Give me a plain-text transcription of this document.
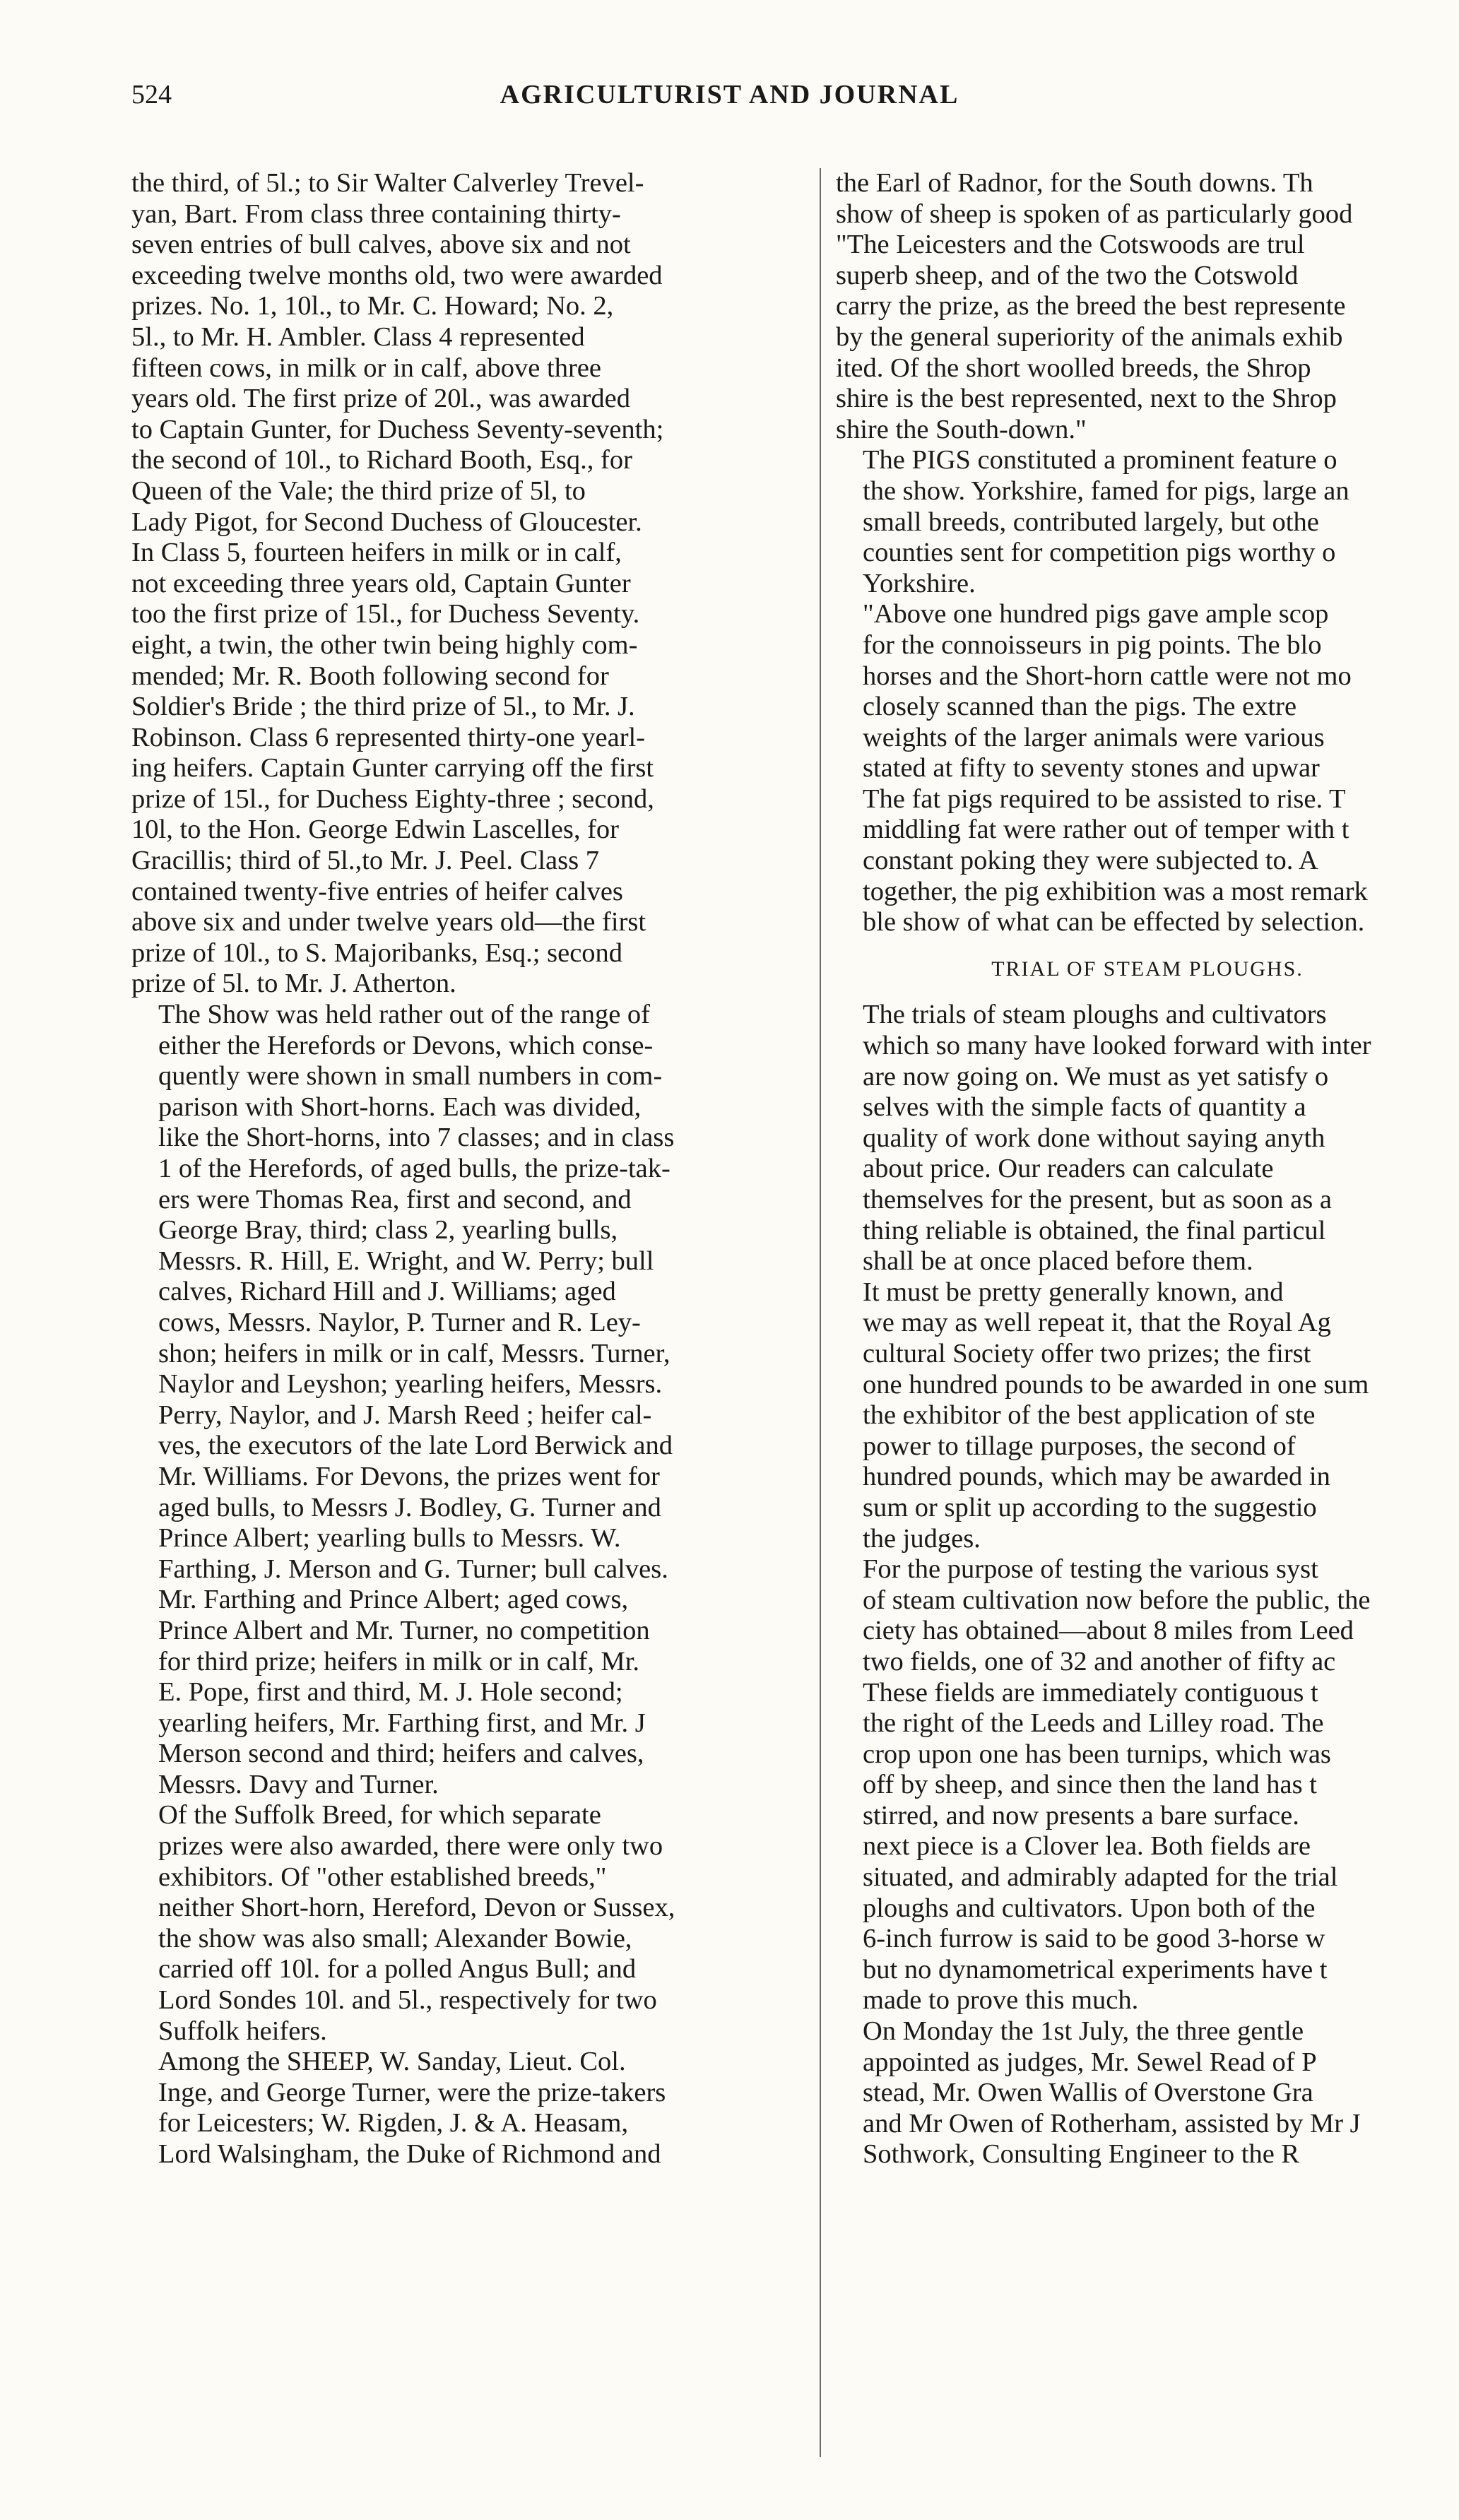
524	AGRICULTURIST AND JOURNAL
the third, of 5l.; to Sir Walter Calverley Trevel-
yan, Bart. From class three containing thirty-
seven entries of bull calves, above six and not
exceeding twelve months old, two were awarded
prizes. No. 1, 10l., to Mr. C. Howard; No. 2,
5l., to Mr. H. Ambler. Class 4 represented
fifteen cows, in milk or in calf, above three
years old. The first prize of 20l., was awarded
to Captain Gunter, for Duchess Seventy-seventh;
the second of 10l., to Richard Booth, Esq., for
Queen of the Vale; the third prize of 5l, to
Lady Pigot, for Second Duchess of Gloucester.
In Class 5, fourteen heifers in milk or in calf,
not exceeding three years old, Captain Gunter
too the first prize of 15l., for Duchess Seventy.
eight, a twin, the other twin being highly com-
mended; Mr. R. Booth following second for
Soldier's Bride ; the third prize of 5l., to Mr. J.
Robinson. Class 6 represented thirty-one yearl-
ing heifers. Captain Gunter carrying off the first
prize of 15l., for Duchess Eighty-three ; second,
10l, to the Hon. George Edwin Lascelles, for
Gracillis; third of 5l.,to Mr. J. Peel. Class 7
contained twenty-five entries of heifer calves
above six and under twelve years old—the first
prize of 10l., to S. Majoribanks, Esq.; second
prize of 5l. to Mr. J. Atherton.
The Show was held rather out of the range of
either the Herefords or Devons, which conse-
quently were shown in small numbers in com-
parison with Short-horns. Each was divided,
like the Short-horns, into 7 classes; and in class
1 of the Herefords, of aged bulls, the prize-tak-
ers were Thomas Rea, first and second, and
George Bray, third; class 2, yearling bulls,
Messrs. R. Hill, E. Wright, and W. Perry; bull
calves, Richard Hill and J. Williams; aged
cows, Messrs. Naylor, P. Turner and R. Ley-
shon; heifers in milk or in calf, Messrs. Turner,
Naylor and Leyshon; yearling heifers, Messrs.
Perry, Naylor, and J. Marsh Reed ; heifer cal-
ves, the executors of the late Lord Berwick and
Mr. Williams. For Devons, the prizes went for
aged bulls, to Messrs J. Bodley, G. Turner and
Prince Albert; yearling bulls to Messrs. W.
Farthing, J. Merson and G. Turner; bull calves.
Mr. Farthing and Prince Albert; aged cows,
Prince Albert and Mr. Turner, no competition
for third prize; heifers in milk or in calf, Mr.
E. Pope, first and third, M. J. Hole second;
yearling heifers, Mr. Farthing first, and Mr. J
Merson second and third; heifers and calves,
Messrs. Davy and Turner.
Of the Suffolk Breed, for which separate
prizes were also awarded, there were only two
exhibitors. Of "other established breeds,"
neither Short-horn, Hereford, Devon or Sussex,
the show was also small; Alexander Bowie,
carried off 10l. for a polled Angus Bull; and
Lord Sondes 10l. and 5l., respectively for two
Suffolk heifers.
Among the SHEEP, W. Sanday, Lieut. Col.
Inge, and George Turner, were the prize-takers
for Leicesters; W. Rigden, J. & A. Heasam,
Lord Walsingham, the Duke of Richmond and
the Earl of Radnor, for the South downs. Th
show of sheep is spoken of as particularly good
"The Leicesters and the Cotswoods are trul
superb sheep, and of the two the Cotswold
carry the prize, as the breed the best represente
by the general superiority of the animals exhib
ited. Of the short woolled breeds, the Shrop
shire is the best represented, next to the Shrop
shire the South-down."
The PIGS constituted a prominent feature o
the show. Yorkshire, famed for pigs, large an
small breeds, contributed largely, but othe
counties sent for competition pigs worthy o
Yorkshire.
"Above one hundred pigs gave ample scop
for the connoisseurs in pig points. The blo
horses and the Short-horn cattle were not mo
closely scanned than the pigs. The extre
weights of the larger animals were various
stated at fifty to seventy stones and upwar
The fat pigs required to be assisted to rise. T
middling fat were rather out of temper with t
constant poking they were subjected to. A
together, the pig exhibition was a most remark
ble show of what can be effected by selection.
TRIAL OF STEAM PLOUGHS.
The trials of steam ploughs and cultivators
which so many have looked forward with inter
are now going on. We must as yet satisfy o
selves with the simple facts of quantity a
quality of work done without saying anyth
about price. Our readers can calculate
themselves for the present, but as soon as a
thing reliable is obtained, the final particul
shall be at once placed before them.
It must be pretty generally known, and
we may as well repeat it, that the Royal Ag
cultural Society offer two prizes; the first
one hundred pounds to be awarded in one sum
the exhibitor of the best application of ste
power to tillage purposes, the second of
hundred pounds, which may be awarded in
sum or split up according to the suggestio
the judges.
For the purpose of testing the various syst
of steam cultivation now before the public, the
ciety has obtained—about 8 miles from Leed
two fields, one of 32 and another of fifty ac
These fields are immediately contiguous t
the right of the Leeds and Lilley road. The
crop upon one has been turnips, which was
off by sheep, and since then the land has t
stirred, and now presents a bare surface.
next piece is a Clover lea. Both fields are
situated, and admirably adapted for the trial
ploughs and cultivators. Upon both of the
6-inch furrow is said to be good 3-horse w
but no dynamometrical experiments have t
made to prove this much.
On Monday the 1st July, the three gentle
appointed as judges, Mr. Sewel Read of P
stead, Mr. Owen Wallis of Overstone Gra
and Mr Owen of Rotherham, assisted by Mr J
Sothwork, Consulting Engineer to the R
